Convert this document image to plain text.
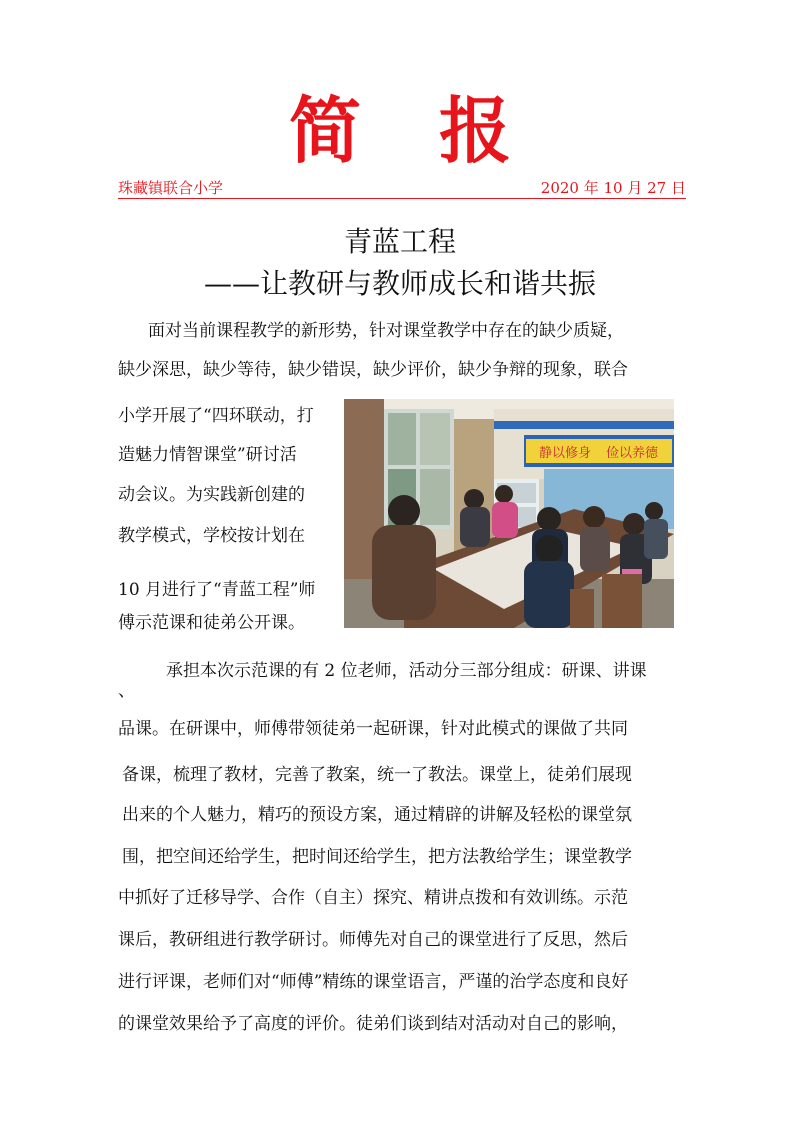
简报
珠藏镇联合小学	2020 年 10 月 27 日
青蓝工程
——让教研与教师成长和谐共振
面对当前课程教学的新形势，针对课堂教学中存在的缺少质疑，
缺少深思，缺少等待，缺少错误，缺少评价，缺少争辩的现象，联合
小学开展了“四环联动，打
造魅力情智课堂”研讨活
动会议。为实践新创建的
教学模式，学校按计划在
10 月进行了“青蓝工程”师
傅示范课和徒弟公开课。
静以修身 俭以养德
承担本次示范课的有 2 位老师，活动分三部分组成：研课、讲课
、
品课。在研课中，师傅带领徒弟一起研课，针对此模式的课做了共同
备课，梳理了教材，完善了教案，统一了教法。课堂上，徒弟们展现
出来的个人魅力，精巧的预设方案，通过精辟的讲解及轻松的课堂氛
围，把空间还给学生，把时间还给学生，把方法教给学生；课堂教学
中抓好了迁移导学、合作（自主）探究、精讲点拨和有效训练。示范
课后，教研组进行教学研讨。师傅先对自己的课堂进行了反思，然后
进行评课，老师们对“师傅”精练的课堂语言，严谨的治学态度和良好
的课堂效果给予了高度的评价。徒弟们谈到结对活动对自己的影响，
